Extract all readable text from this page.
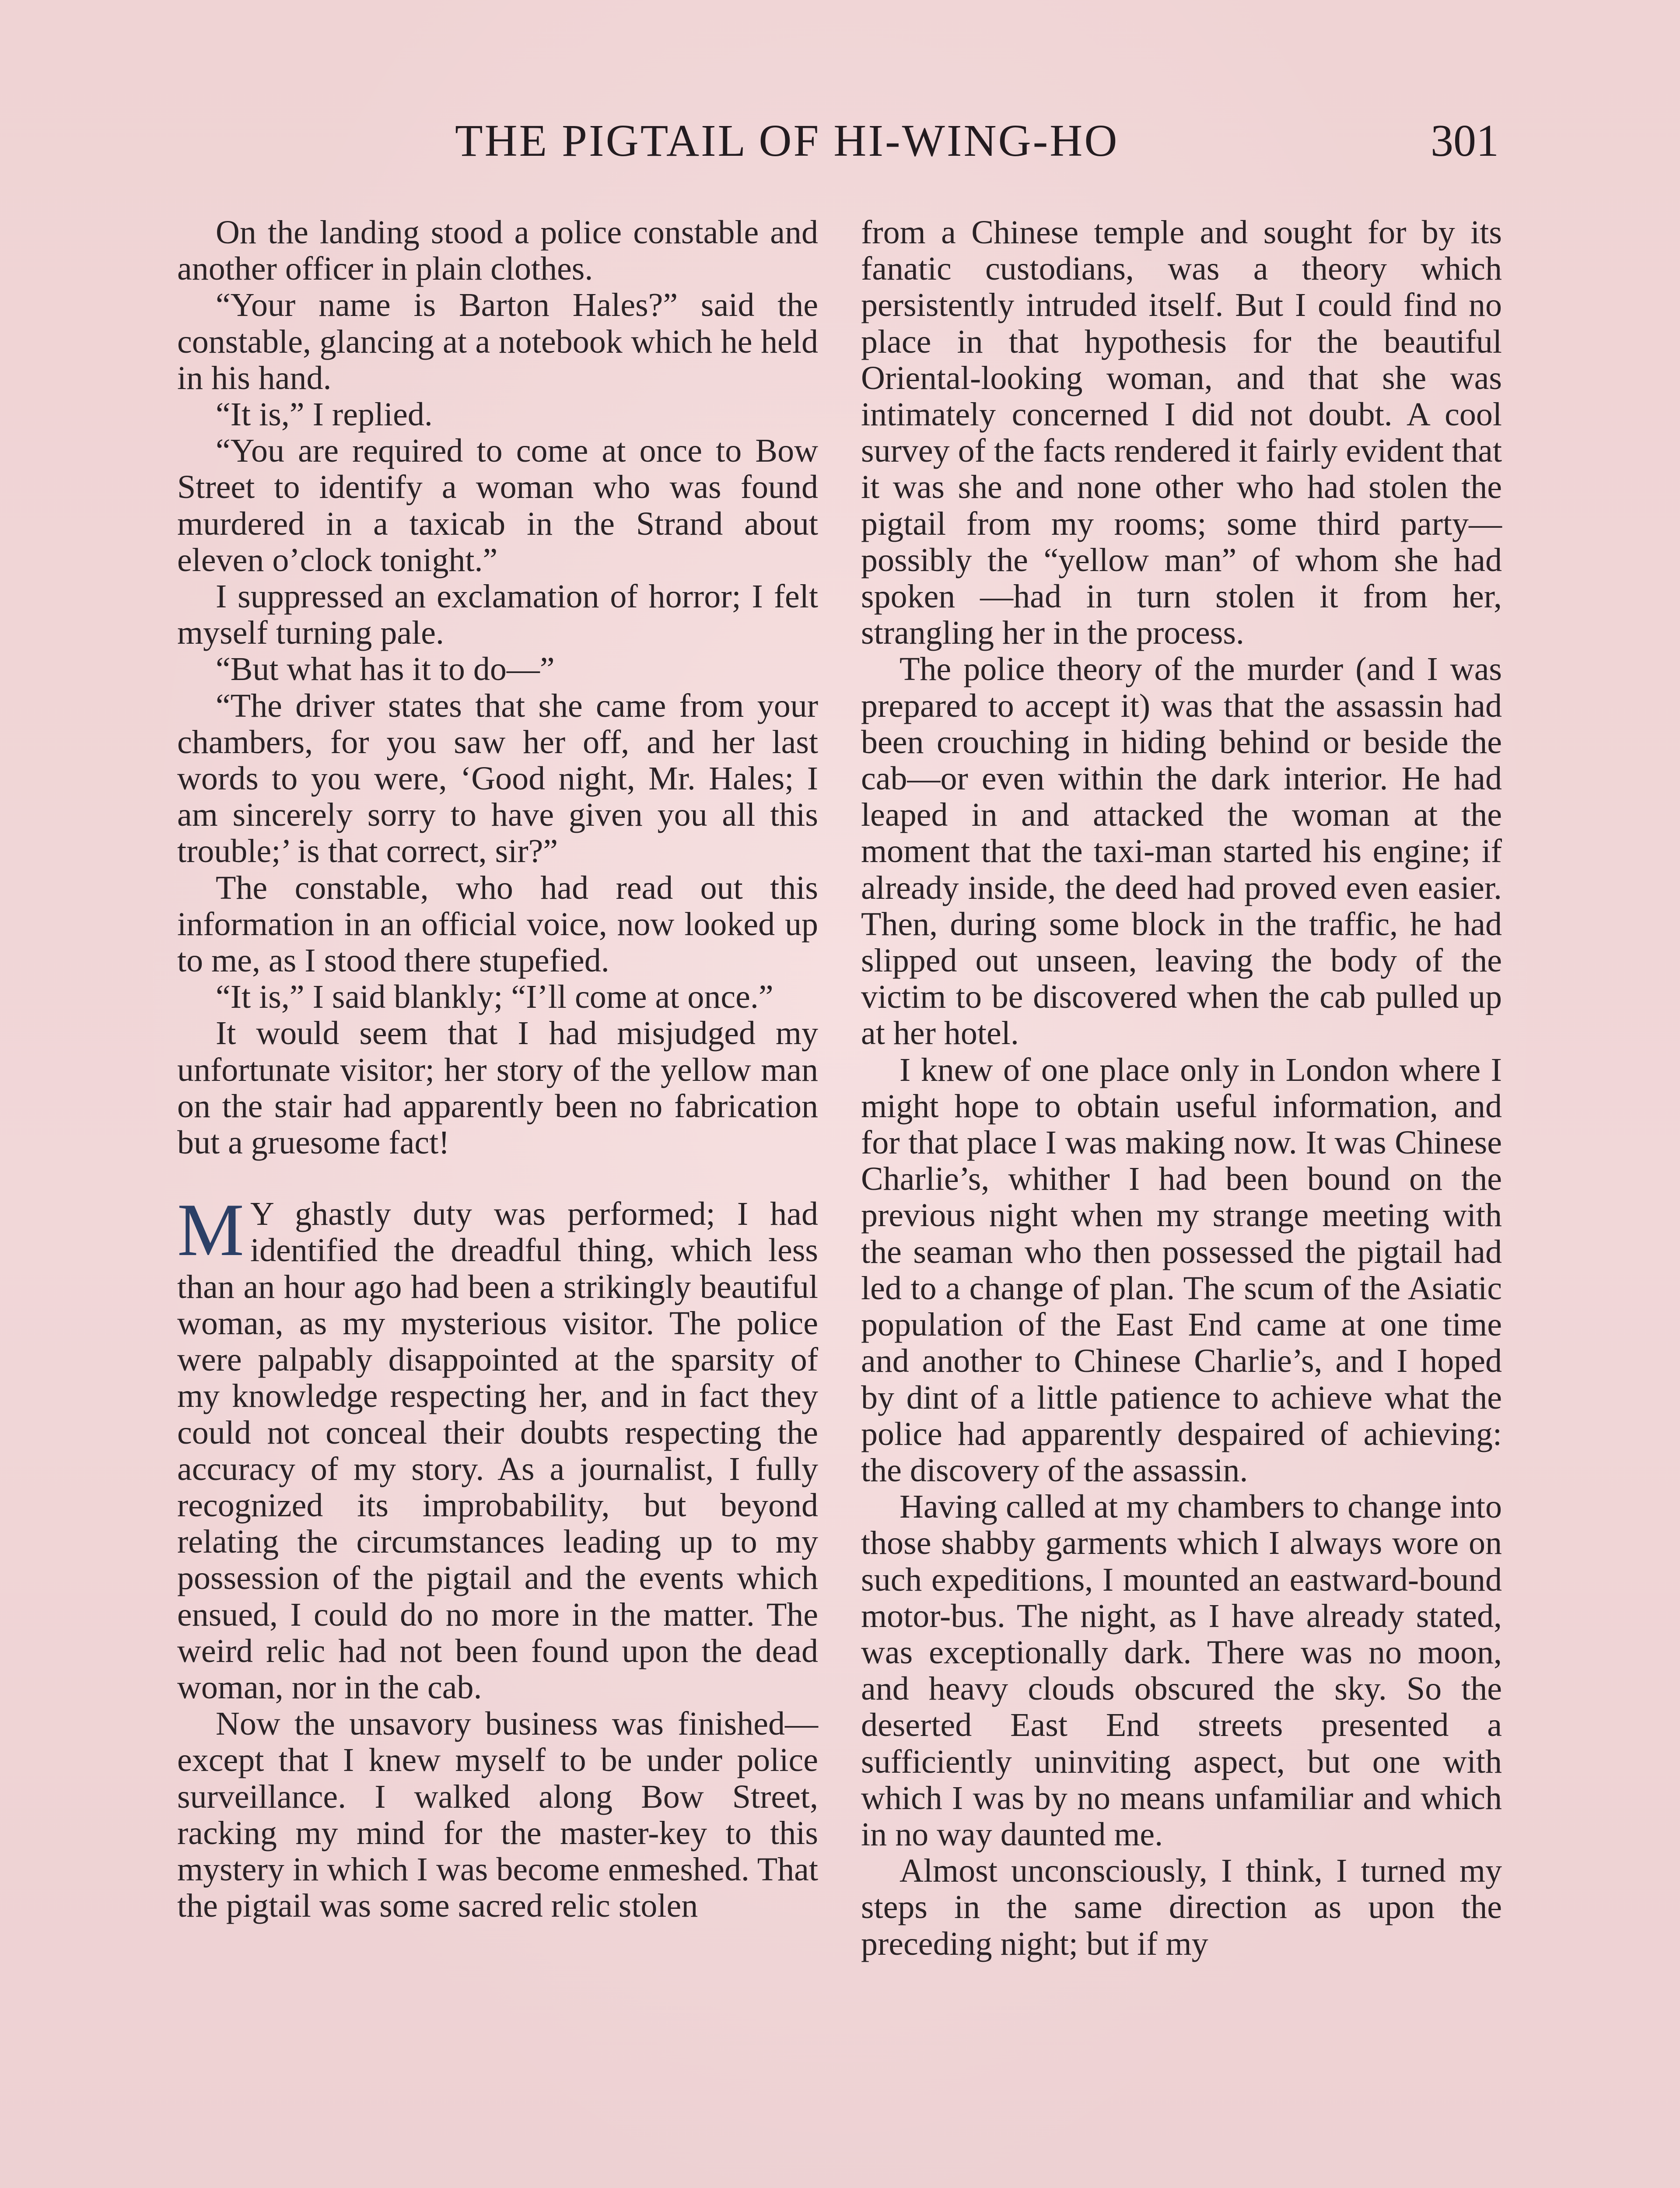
THE PIGTAIL OF HI-WING-HO	301

On the landing stood a police constable and another officer in plain clothes.

“Your name is Barton Hales?” said the constable, glancing at a notebook which he held in his hand.

“It is,” I replied.

“You are required to come at once to Bow Street to identify a woman who was found murdered in a taxicab in the Strand about eleven o’clock tonight.”

I suppressed an exclamation of horror; I felt myself turning pale.

“But what has it to do—”

“The driver states that she came from your chambers, for you saw her off, and her last words to you were, ‘Good night, Mr. Hales; I am sincerely sorry to have given you all this trouble;’ is that correct, sir?”

The constable, who had read out this information in an official voice, now looked up to me, as I stood there stupefied.

“It is,” I said blankly; “I’ll come at once.”

It would seem that I had misjudged my unfortunate visitor; her story of the yellow man on the stair had apparently been no fabrication but a gruesome fact!

M Y ghastly duty was performed; I had identified the dreadful thing, which less than an hour ago had been a strikingly beautiful woman, as my mysterious visitor. The police were palpably disappointed at the sparsity of my knowledge respecting her, and in fact they could not conceal their doubts respecting the accuracy of my story. As a journalist, I fully recognized its improbability, but beyond relating the circumstances leading up to my possession of the pigtail and the events which ensued, I could do no more in the matter. The weird relic had not been found upon the dead woman, nor in the cab.

Now the unsavory business was finished—except that I knew myself to be under police surveillance. I walked along Bow Street, racking my mind for the master-key to this mystery in which I was become enmeshed. That the pigtail was some sacred relic stolen

from a Chinese temple and sought for by its fanatic custodians, was a theory which persistently intruded itself. But I could find no place in that hypothesis for the beautiful Oriental-looking woman, and that she was intimately concerned I did not doubt. A cool survey of the facts rendered it fairly evident that it was she and none other who had stolen the pigtail from my rooms; some third party—possibly the “yellow man” of whom she had spoken —had in turn stolen it from her, strangling her in the process.

The police theory of the murder (and I was prepared to accept it) was that the assassin had been crouching in hiding behind or beside the cab—or even within the dark interior. He had leaped in and attacked the woman at the moment that the taxi-man started his engine; if already inside, the deed had proved even easier. Then, during some block in the traffic, he had slipped out unseen, leaving the body of the victim to be discovered when the cab pulled up at her hotel.

I knew of one place only in London where I might hope to obtain useful information, and for that place I was making now. It was Chinese Charlie’s, whither I had been bound on the previous night when my strange meeting with the seaman who then possessed the pigtail had led to a change of plan. The scum of the Asiatic population of the East End came at one time and another to Chinese Charlie’s, and I hoped by dint of a little patience to achieve what the police had apparently despaired of achieving: the discovery of the assassin.

Having called at my chambers to change into those shabby garments which I always wore on such expeditions, I mounted an eastward-bound motor-bus. The night, as I have already stated, was exceptionally dark. There was no moon, and heavy clouds obscured the sky. So the deserted East End streets presented a sufficiently uninviting aspect, but one with which I was by no means unfamiliar and which in no way daunted me.

Almost unconsciously, I think, I turned my steps in the same direction as upon the preceding night; but if my
